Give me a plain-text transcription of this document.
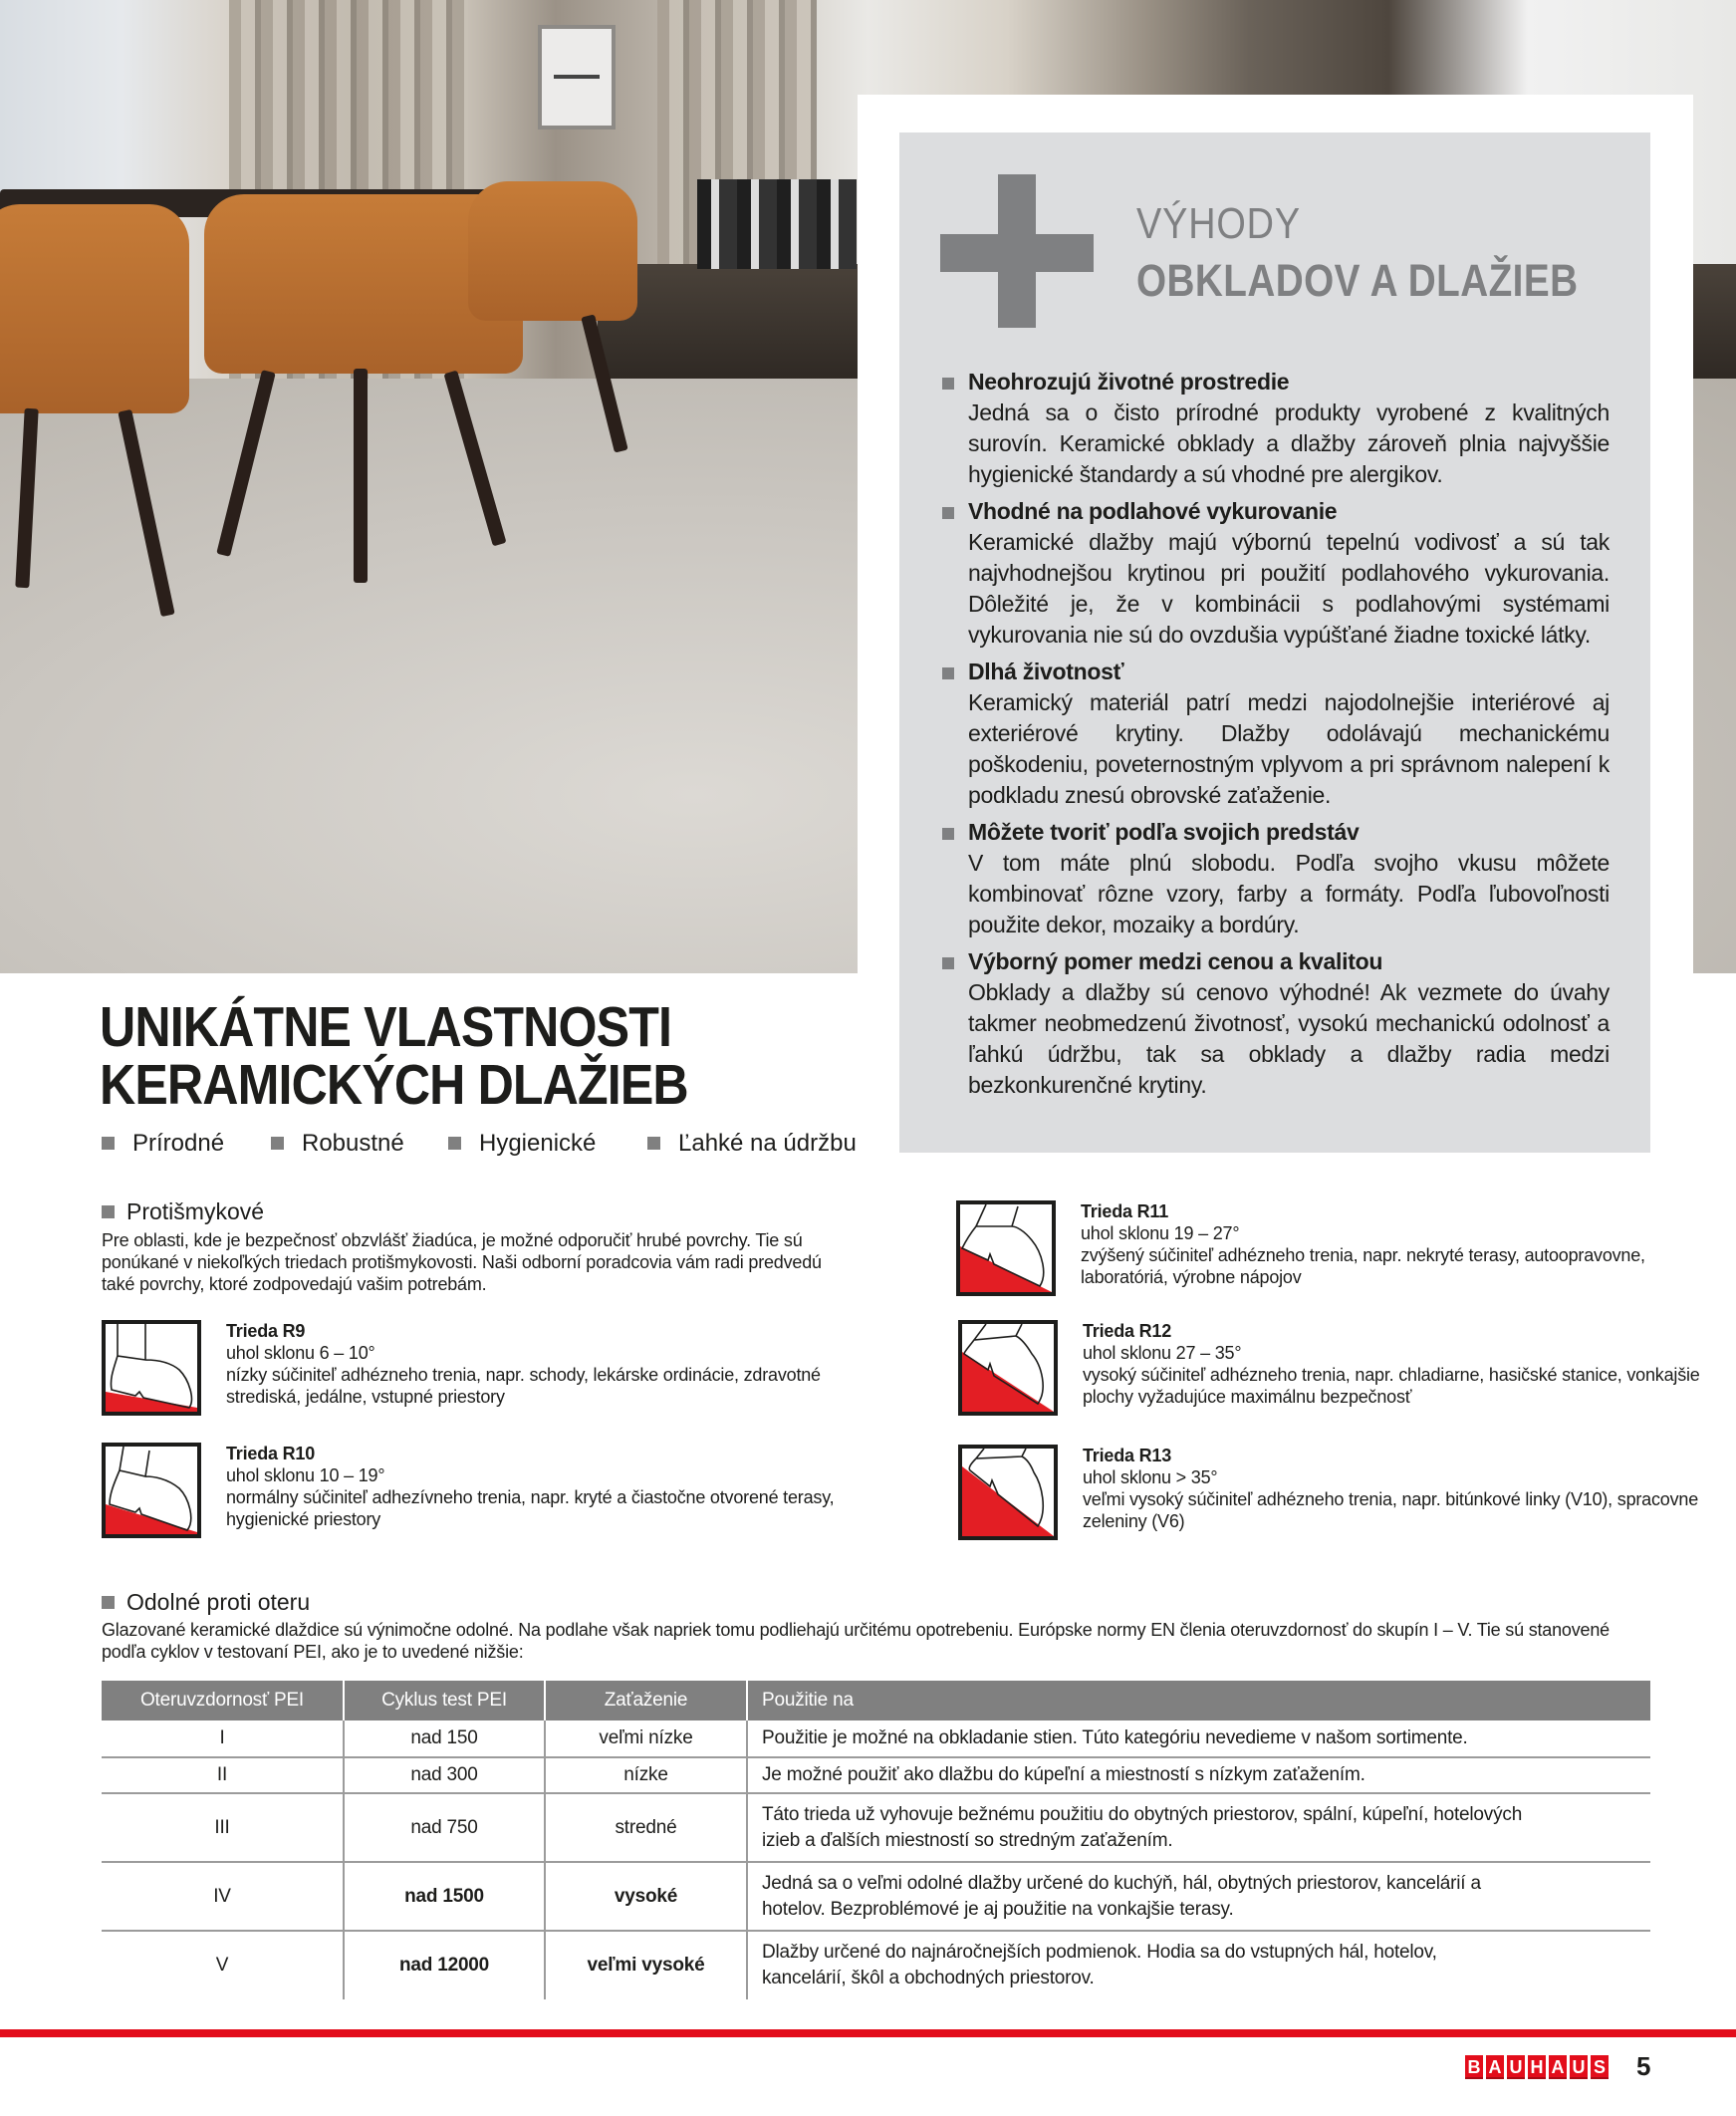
VÝHODY
OBKLADOV A DLAŽIEB
Neohrozujú životné prostredie
Jedná sa o čisto prírodné produkty vyrobené z kvalitných surovín. Keramické obklady a dlažby zároveň plnia najvyššie hygienické štandardy a sú vhodné pre alergikov.
Vhodné na podlahové vykurovanie
Keramické dlažby majú výbornú tepelnú vodivosť a sú tak najvhodnejšou krytinou pri použití podlahového vykurovania. Dôležité je, že v kombinácii s podlahovými systémami vykurovania nie sú do ovzdušia vypúšťané žiadne toxické látky.
Dlhá životnosť
Keramický materiál patrí medzi najodolnejšie interiérové aj exteriérové krytiny. Dlažby odolávajú mechanickému poškodeniu, poveternostným vplyvom a pri správnom nalepení k podkladu znesú obrovské zaťaženie.
Môžete tvoriť podľa svojich predstáv
V tom máte plnú slobodu. Podľa svojho vkusu môžete kombinovať rôzne vzory, farby a formáty. Podľa ľubovoľnosti použite dekor, mozaiky a bordúry.
Výborný pomer medzi cenou a kvalitou
Obklady a dlažby sú cenovo výhodné! Ak vezmete do úvahy takmer neobmedzenú životnosť, vysokú mechanickú odolnosť a ľahkú údržbu, tak sa obklady a dlažby radia medzi bezkonkurenčné krytiny.
UNIKÁTNE VLASTNOSTI
KERAMICKÝCH DLAŽIEB
Prírodné	Robustné	Hygienické	Ľahké na údržbu
Protišmykové

Pre oblasti, kde je bezpečnosť obzvlášť žiadúca, je možné odporučiť hrubé povrchy. Tie sú ponúkané v niekoľkých triedach protišmykovosti. Naši odborní poradcovia vám radi predvedú také povrchy, ktoré zodpovedajú vašim potrebám.

Trieda R9
uhol sklonu 6 – 10°
nízky súčiniteľ adhézneho trenia, napr. schody, lekárske ordinácie, zdravotné strediská, jedálne, vstupné priestory
Trieda R10
uhol sklonu 10 – 19°
normálny súčiniteľ adhezívneho trenia, napr. kryté a čiastočne otvorené terasy, hygienické priestory
Trieda R11
uhol sklonu 19 – 27°
zvýšený súčiniteľ adhézneho trenia, napr. nekryté terasy, autoopravovne, laboratóriá, výrobne nápojov
Trieda R12
uhol sklonu 27 – 35°
vysoký súčiniteľ adhézneho trenia, napr. chladiarne, hasičské stanice, vonkajšie plochy vyžadujúce maximálnu bezpečnosť
Trieda R13
uhol sklonu > 35°
veľmi vysoký súčiniteľ adhézneho trenia, napr. bitúnkové linky (V10), spracovne zeleniny (V6)
Odolné proti oteru

Glazované keramické dlaždice sú výnimočne odolné. Na podlahe však napriek tomu podliehajú určitému opotrebeniu. Európske normy EN členia oteruvzdornosť do skupín I – V. Tie sú stanovené podľa cyklov v testovaní PEI, ako je to uvedené nižšie:

Oteruvzdornosť PEI	Cyklus test PEI	Zaťaženie	Použitie na
I	nad 150	veľmi nízke	Použitie je možné na obkladanie stien. Túto kategóriu nevedieme v našom sortimente.
II	nad 300	nízke	Je možné použiť ako dlažbu do kúpeľní a miestností s nízkym zaťažením.
III	nad 750	stredné	Táto trieda už vyhovuje bežnému použitiu do obytných priestorov, spální, kúpeľní, hotelových izieb a ďalších miestností so stredným zaťažením.
IV	nad 1500	vysoké	Jedná sa o veľmi odolné dlažby určené do kuchýň, hál, obytných priestorov, kancelárií a hotelov. Bezproblémové je aj použitie na vonkajšie terasy.
V	nad 12000	veľmi vysoké	Dlažby určené do najnáročnejších podmienok. Hodia sa do vstupných hál, hotelov, kancelárií, škôl a obchodných priestorov.
B A U H A U S 5
